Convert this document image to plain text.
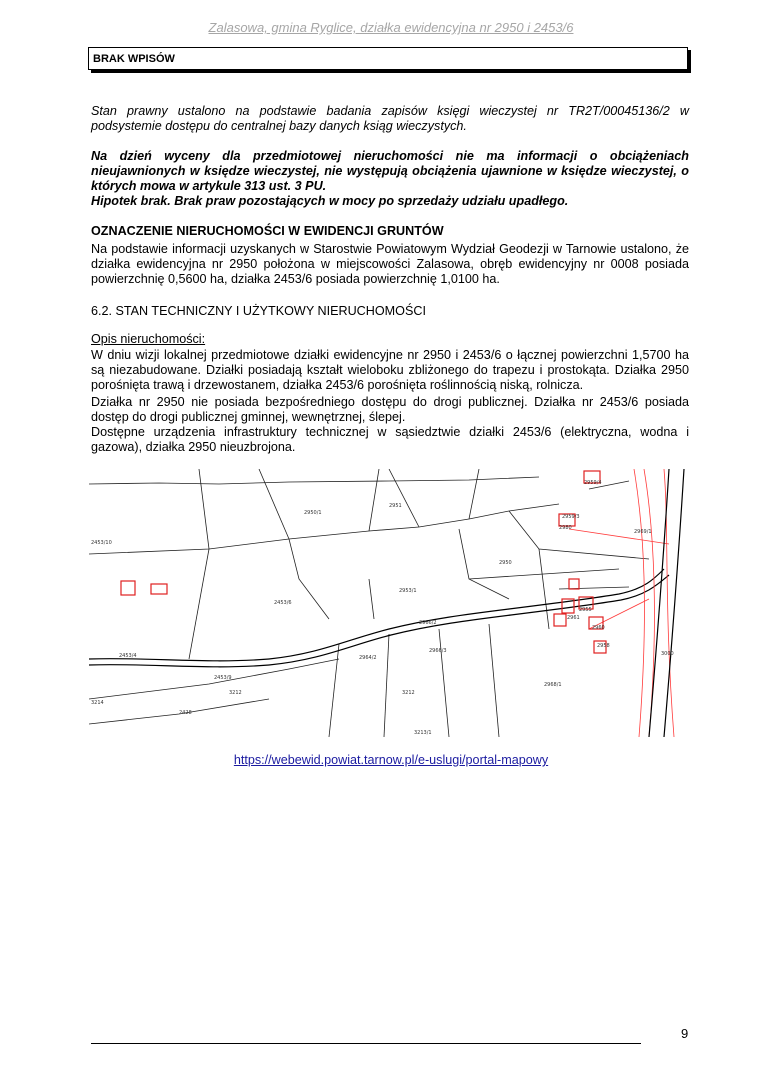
Zalasowa, gmina Ryglice, działka ewidencyjna nr 2950 i 2453/6
BRAK WPISÓW
Stan prawny ustalono na podstawie badania zapisów księgi wieczystej nr TR2T/00045136/2 w podsystemie dostępu do centralnej bazy danych ksiąg wieczystych.
Na dzień wyceny dla przedmiotowej nieruchomości nie ma informacji o obciążeniach nieujawnionych w księdze wieczystej, nie występują obciążenia ujawnione w księdze wieczystej, o których mowa w artykule 313 ust. 3 PU.
Hipotek brak. Brak praw pozostających w mocy po sprzedaży udziału upadłego.
OZNACZENIE NIERUCHOMOŚCI W EWIDENCJI GRUNTÓW
Na podstawie informacji uzyskanych w Starostwie Powiatowym Wydział Geodezji w Tarnowie ustalono, że działka ewidencyjna nr 2950 położona w miejscowości Zalasowa, obręb ewidencyjny nr 0008 posiada powierzchnię 0,5600 ha, działka 2453/6 posiada powierzchnię 1,0100 ha.
6.2. STAN TECHNICZNY I UŻYTKOWY NIERUCHOMOŚCI
Opis nieruchomości:
W dniu wizji lokalnej przedmiotowe działki ewidencyjne nr 2950 i 2453/6 o łącznej powierzchni 1,5700 ha są niezabudowane. Działki posiadają kształt wieloboku zbliżonego do trapezu i prostokąta. Działka 2950 porośnięta trawą i drzewostanem, działka 2453/6 porośnięta roślinnością niską, rolnicza.
Działka nr 2950 nie posiada bezpośredniego dostępu do drogi publicznej. Działka nr 2453/6 posiada dostęp do drogi publicznej gminnej, wewnętrznej, ślepej.
Dostępne urządzenia infrastruktury technicznej w sąsiedztwie działki 2453/6 (elektryczna, wodna i gazowa), działka 2950 nieuzbrojona.
2950/1
2951
2453/10
2453/6
2950
2953/1
2980
2966/3
2966/2
2964/2
2968/1
2453/4
2453/9
3212	3212
3213/1
2428
3214
2969/1
2959/3
2959/4
3000
2955
2961
2960
2958
https://webewid.powiat.tarnow.pl/e-uslugi/portal-mapowy
9
